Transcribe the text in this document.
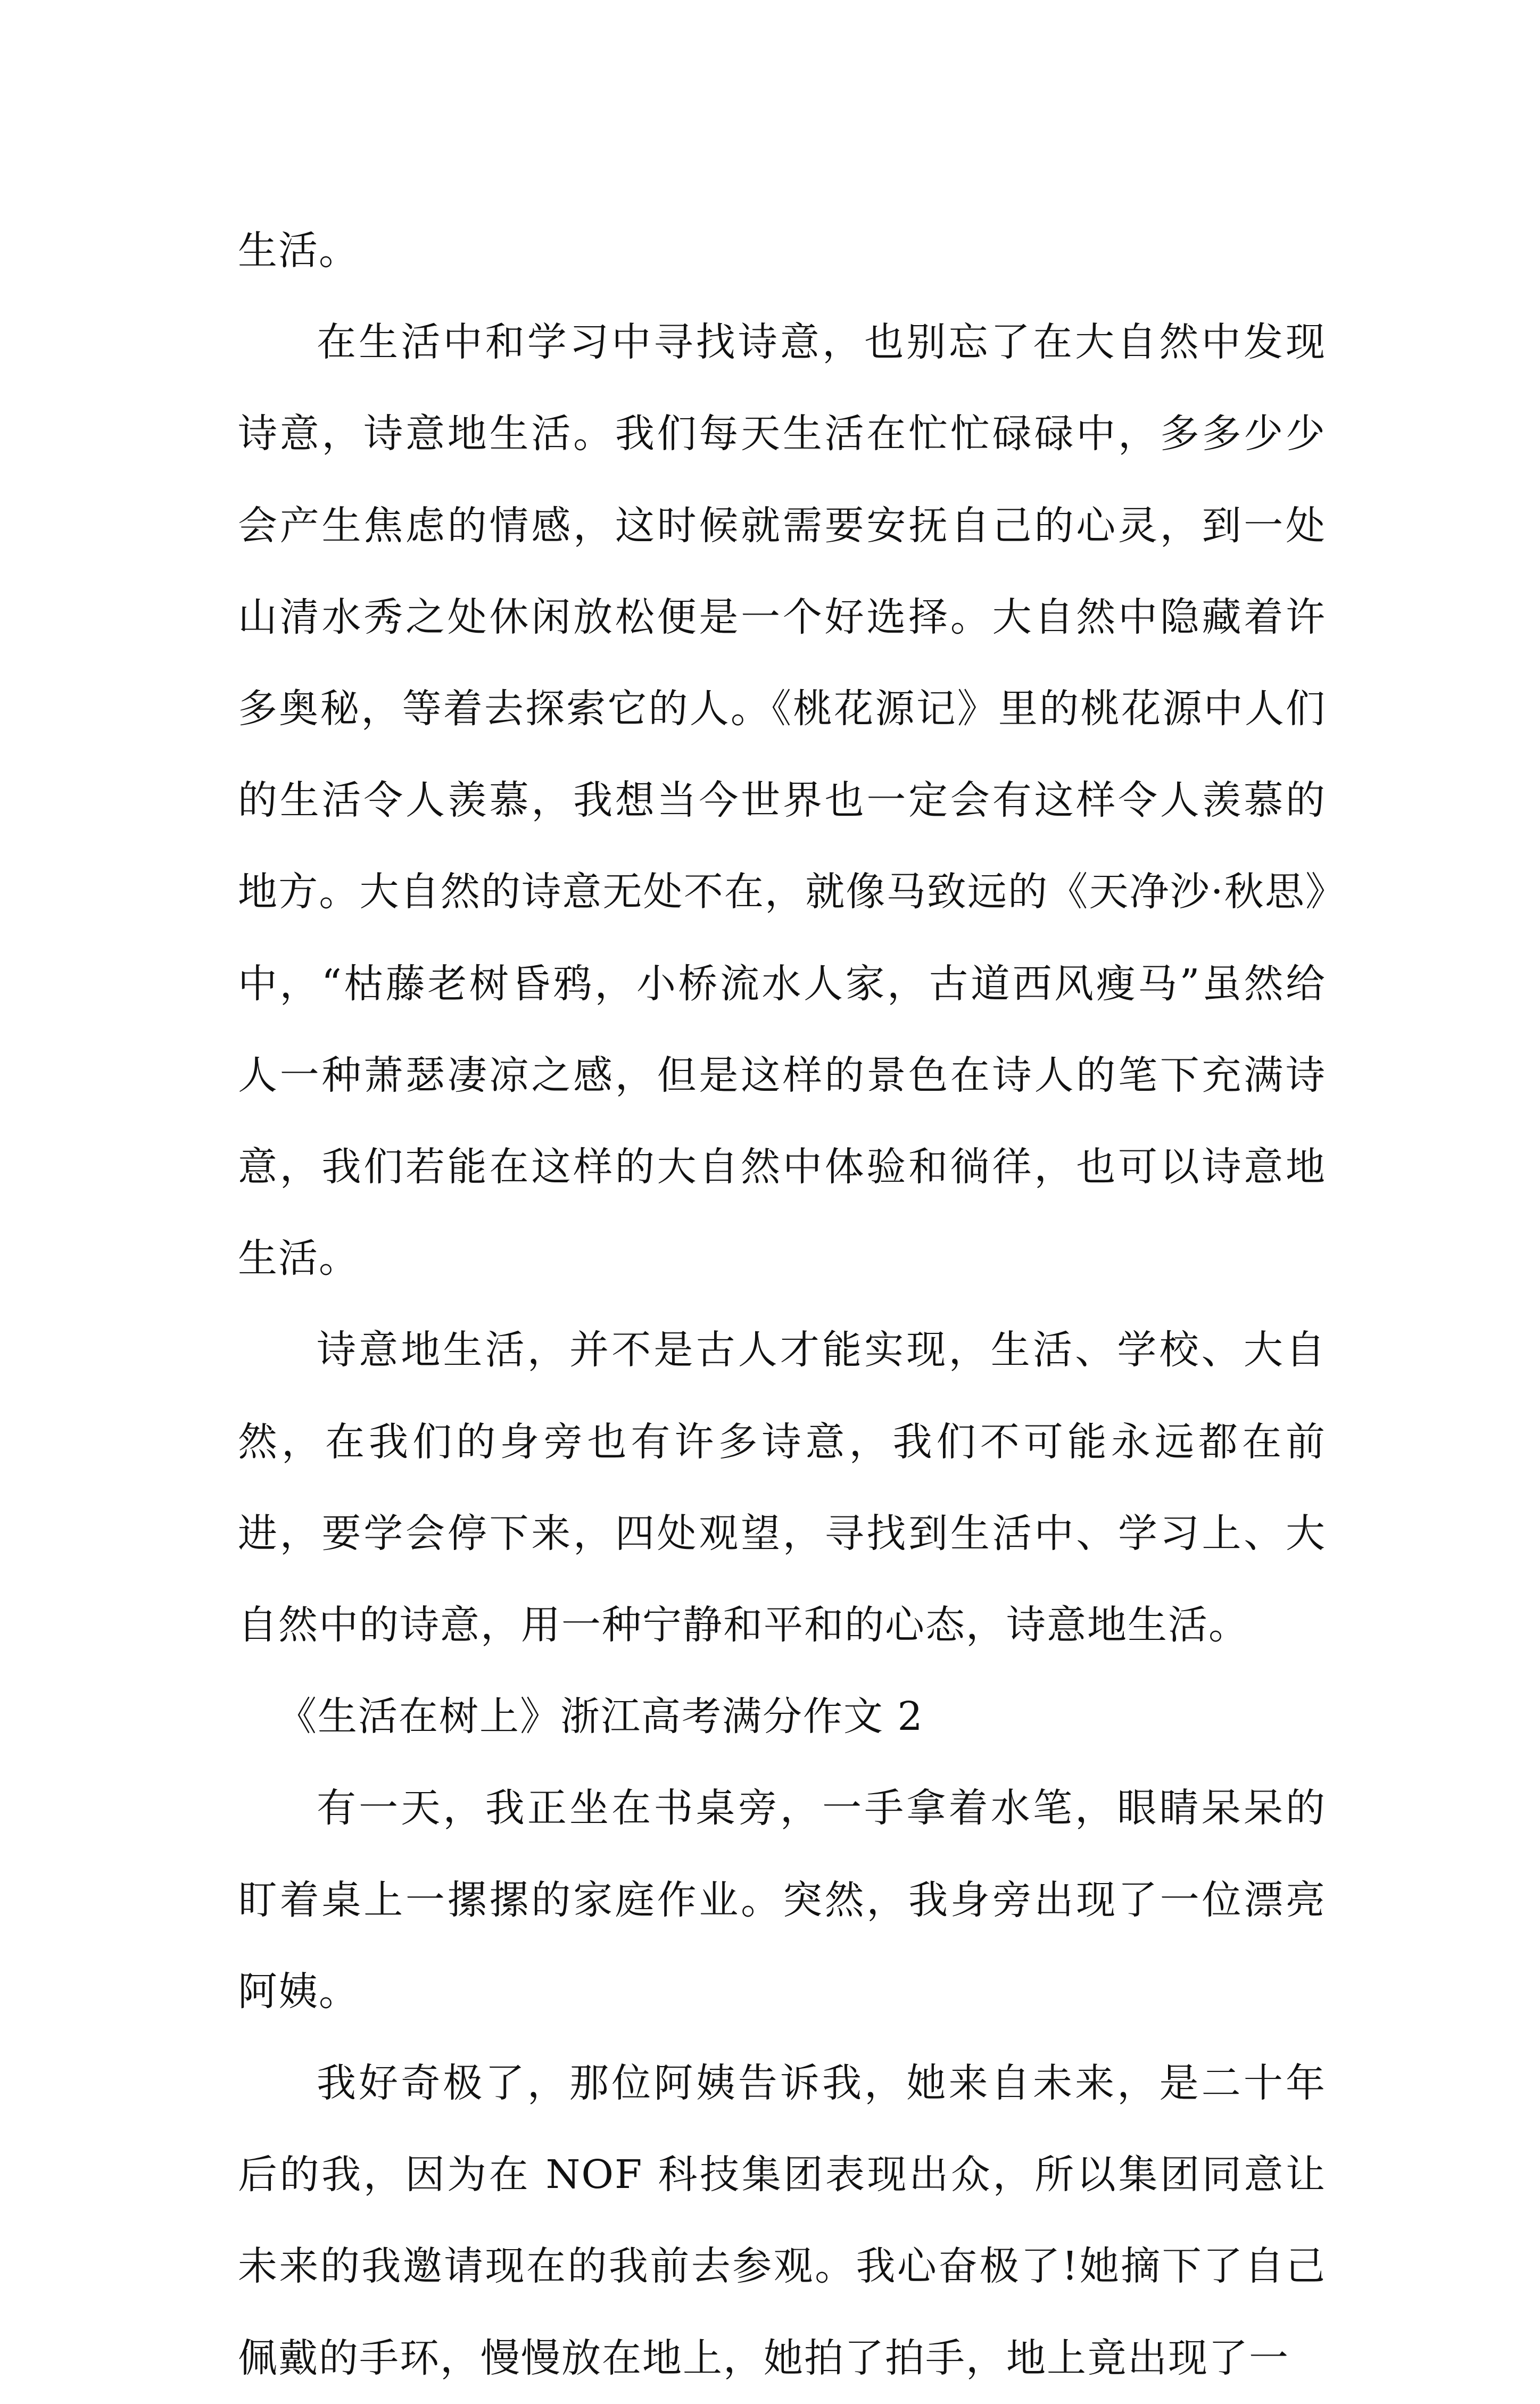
生活。

在生活中和学习中寻找诗意，也别忘了在大自然中发现诗意，诗意地生活。我们每天生活在忙忙碌碌中，多多少少会产生焦虑的情感，这时候就需要安抚自己的心灵，到一处山清水秀之处休闲放松便是一个好选择。大自然中隐藏着许多奥秘，等着去探索它的人。《桃花源记》里的桃花源中人们的生活令人羡慕，我想当今世界也一定会有这样令人羡慕的地方。大自然的诗意无处不在，就像马致远的《天净沙·秋思》中，“枯藤老树昏鸦，小桥流水人家，古道西风瘦马”虽然给人一种萧瑟凄凉之感，但是这样的景色在诗人的笔下充满诗意，我们若能在这样的大自然中体验和徜徉，也可以诗意地生活。

诗意地生活，并不是古人才能实现，生活、学校、大自然，在我们的身旁也有许多诗意，我们不可能永远都在前进，要学会停下来，四处观望，寻找到生活中、学习上、大自然中的诗意，用一种宁静和平和的心态，诗意地生活。

《生活在树上》浙江高考满分作文 2

有一天，我正坐在书桌旁，一手拿着水笔，眼睛呆呆的盯着桌上一摞摞的家庭作业。突然，我身旁出现了一位漂亮阿姨。

我好奇极了，那位阿姨告诉我，她来自未来，是二十年后的我，因为在 NOF 科技集团表现出众，所以集团同意让未来的我邀请现在的我前去参观。我心奋极了!她摘下了自己佩戴的手环，慢慢放在地上，她拍了拍手，地上竟出现了一
